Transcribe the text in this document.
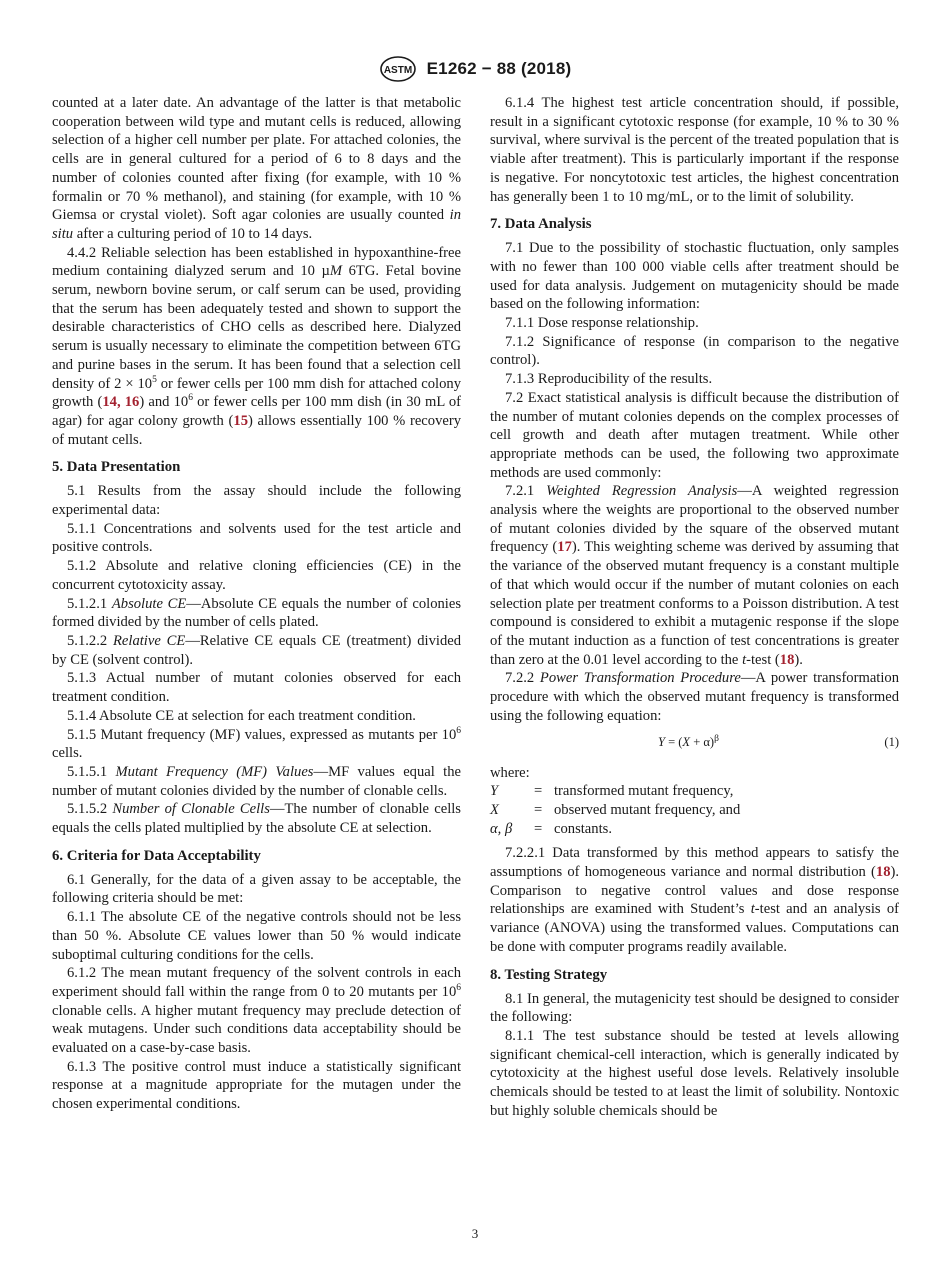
ASTM E1262 − 88 (2018)

counted at a later date. An advantage of the latter is that metabolic cooperation between wild type and mutant cells is reduced, allowing selection of a higher cell number per plate. For attached colonies, the cells are in general cultured for a period of 6 to 8 days and the number of colonies counted after fixing (for example, with 10 % formalin or 70 % methanol), and staining (for example, with 10 % Giemsa or crystal violet). Soft agar colonies are usually counted in situ after a culturing period of 10 to 14 days.

4.4.2 Reliable selection has been established in hypoxanthine-free medium containing dialyzed serum and 10 µM 6TG. Fetal bovine serum, newborn bovine serum, or calf serum can be used, providing that the serum has been adequately tested and shown to support the desirable characteristics of CHO cells as described here. Dialyzed serum is usually necessary to eliminate the competition between 6TG and purine bases in the serum. It has been found that a selection cell density of $2 \times 10^5$ or fewer cells per 100 mm dish for attached colony growth (14, 16) and $10^6$ or fewer cells per 100 mm dish (in 30 mL of agar) for agar colony growth (15) allows essentially 100 % recovery of mutant cells.

5. Data Presentation

5.1 Results from the assay should include the following experimental data:

5.1.1 Concentrations and solvents used for the test article and positive controls.

5.1.2 Absolute and relative cloning efficiencies (CE) in the concurrent cytotoxicity assay.

5.1.2.1 Absolute CE—Absolute CE equals the number of colonies formed divided by the number of cells plated.

5.1.2.2 Relative CE—Relative CE equals CE (treatment) divided by CE (solvent control).

5.1.3 Actual number of mutant colonies observed for each treatment condition.

5.1.4 Absolute CE at selection for each treatment condition.

5.1.5 Mutant frequency (MF) values, expressed as mutants per $10^6$ cells.

5.1.5.1 Mutant Frequency (MF) Values—MF values equal the number of mutant colonies divided by the number of clonable cells.

5.1.5.2 Number of Clonable Cells—The number of clonable cells equals the cells plated multiplied by the absolute CE at selection.

6. Criteria for Data Acceptability

6.1 Generally, for the data of a given assay to be acceptable, the following criteria should be met:

6.1.1 The absolute CE of the negative controls should not be less than 50 %. Absolute CE values lower than 50 % would indicate suboptimal culturing conditions for the cells.

6.1.2 The mean mutant frequency of the solvent controls in each experiment should fall within the range from 0 to 20 mutants per $10^6$ clonable cells. A higher mutant frequency may preclude detection of weak mutagens. Under such conditions data acceptability should be evaluated on a case-by-case basis.

6.1.3 The positive control must induce a statistically significant response at a magnitude appropriate for the mutagen under the chosen experimental conditions.

6.1.4 The highest test article concentration should, if possible, result in a significant cytotoxic response (for example, 10 % to 30 % survival, where survival is the percent of the treated population that is viable after treatment). This is particularly important if the response is negative. For noncytotoxic test articles, the highest concentration has generally been 1 to 10 mg/mL, or to the limit of solubility.

7. Data Analysis

7.1 Due to the possibility of stochastic fluctuation, only samples with no fewer than 100 000 viable cells after treatment should be used for data analysis. Judgement on mutagenicity should be made based on the following information:

7.1.1 Dose response relationship.

7.1.2 Significance of response (in comparison to the negative control).

7.1.3 Reproducibility of the results.

7.2 Exact statistical analysis is difficult because the distribution of the number of mutant colonies depends on the complex processes of cell growth and death after mutagen treatment. While other appropriate methods can be used, the following two approximate methods are used commonly:

7.2.1 Weighted Regression Analysis—A weighted regression analysis where the weights are proportional to the observed number of mutant colonies divided by the square of the observed mutant frequency (17). This weighting scheme was derived by assuming that the variance of the observed mutant frequency is a constant multiple of that which would occur if the number of mutant colonies on each selection plate per treatment conforms to a Poisson distribution. A test compound is considered to exhibit a mutagenic response if the slope of the mutant induction as a function of test concentrations is greater than zero at the 0.01 level according to the t-test (18).

7.2.2 Power Transformation Procedure—A power transformation procedure with which the observed mutant frequency is transformed using the following equation:

$Y = (X + \alpha)^\beta$	(1)

where:

Y	=	transformed mutant frequency,
X	=	observed mutant frequency, and
α, β	=	constants.

7.2.2.1 Data transformed by this method appears to satisfy the assumptions of homogeneous variance and normal distribution (18). Comparison to negative control values and dose response relationships are examined with Student’s t-test and an analysis of variance (ANOVA) using the transformed values. Computations can be done with computer programs readily available.

8. Testing Strategy

8.1 In general, the mutagenicity test should be designed to consider the following:

8.1.1 The test substance should be tested at levels allowing significant chemical-cell interaction, which is generally indicated by cytotoxicity at the highest useful dose levels. Relatively insoluble chemicals should be tested to at least the limit of solubility. Nontoxic but highly soluble chemicals should be

3
